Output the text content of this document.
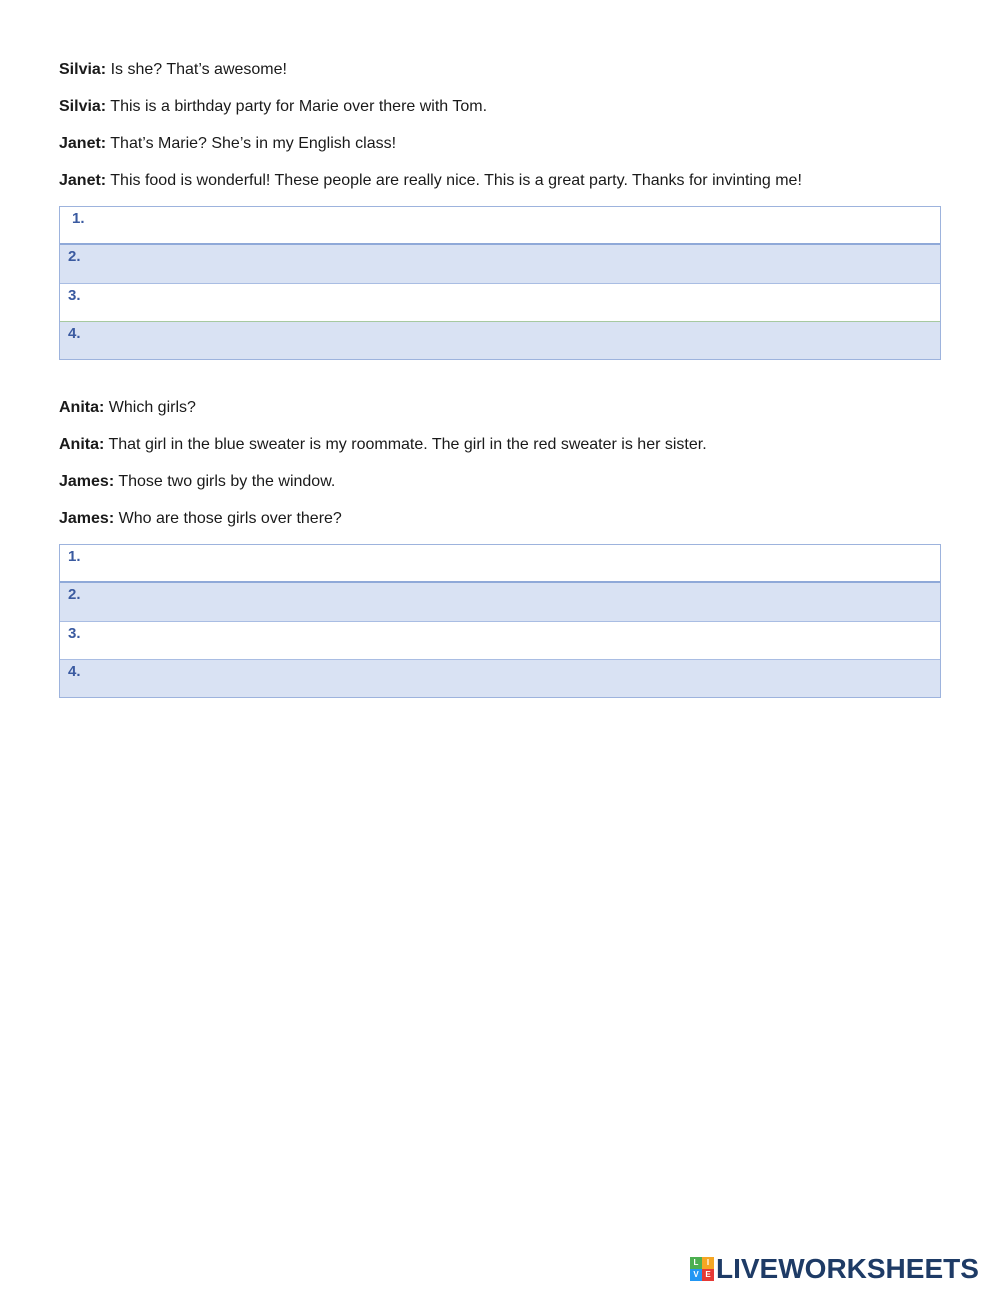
Silvia: Is she? That’s awesome!
Silvia: This is a birthday party for Marie over there with Tom.
Janet: That’s Marie? She’s in my English class!
Janet: This food is wonderful! These people are really nice. This is a great party. Thanks for invinting me!
1.
2.
3.
4.
Anita: Which girls?
Anita: That girl in the blue sweater is my roommate. The girl in the red sweater is her sister.
James: Those two girls by the window.
James: Who are those girls over there?
1.
2.
3.
4.
L	I
V E LIVEWORKSHEETS
